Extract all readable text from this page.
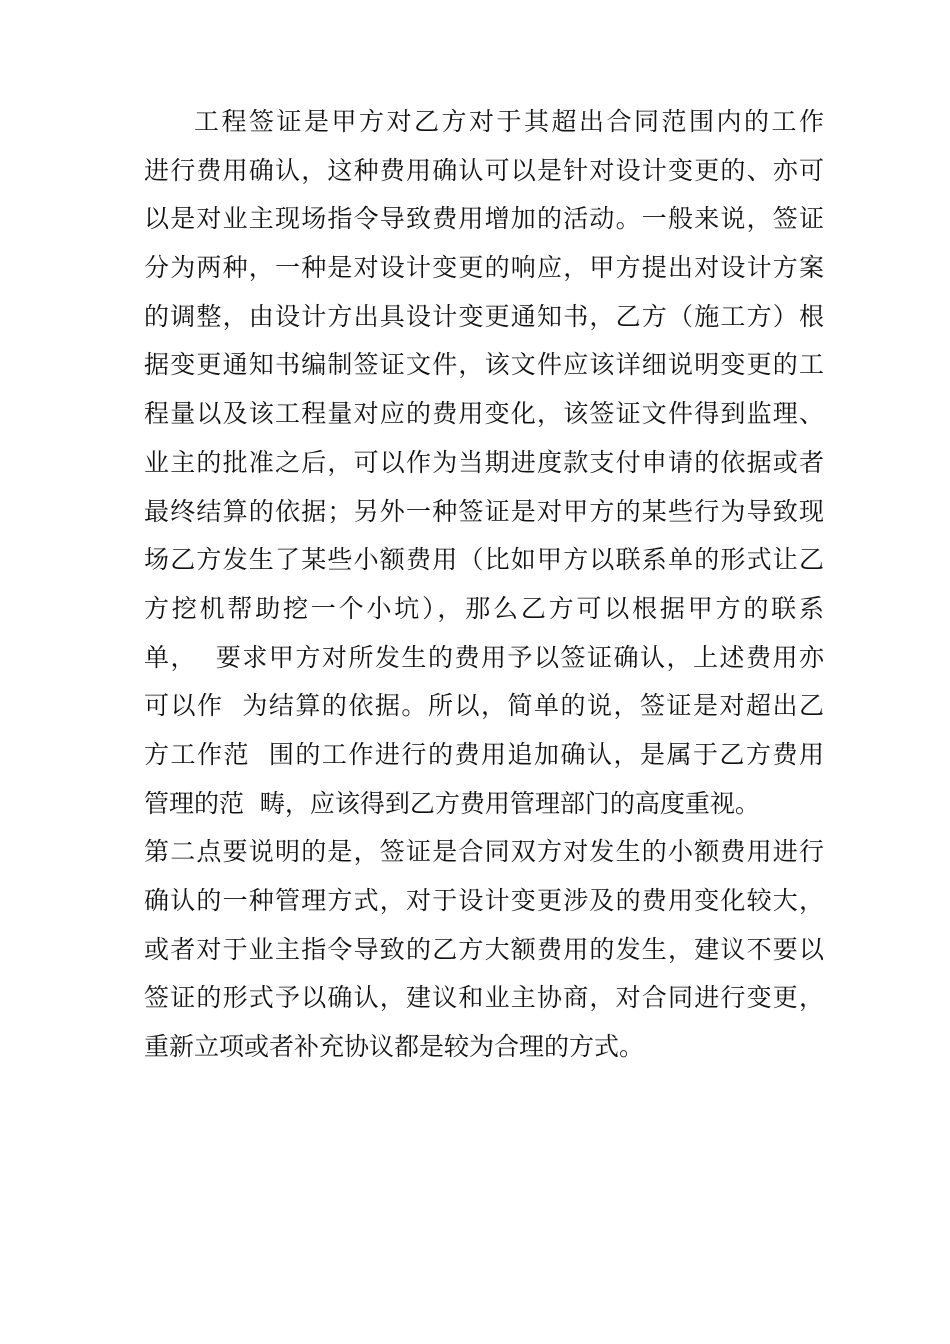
工程签证是甲方对乙方对于其超出合同范围内的工作
进行费用确认，这种费用确认可以是针对设计变更的、亦可
以是对业主现场指令导致费用增加的活动。一般来说，签证
分为两种，一种是对设计变更的响应，甲方提出对设计方案
的调整，由设计方出具设计变更通知书，乙方（施工方）根
据变更通知书编制签证文件，该文件应该详细说明变更的工
程量以及该工程量对应的费用变化，该签证文件得到监理、
业主的批准之后，可以作为当期进度款支付申请的依据或者
最终结算的依据；另外一种签证是对甲方的某些行为导致现
场乙方发生了某些小额费用（比如甲方以联系单的形式让乙
方挖机帮助挖一个小坑），那么乙方可以根据甲方的联系
单，  要求甲方对所发生的费用予以签证确认，上述费用亦
可以作  为结算的依据。所以，简单的说，签证是对超出乙
方工作范  围的工作进行的费用追加确认，是属于乙方费用
管理的范  畴，应该得到乙方费用管理部门的高度重视。
第二点要说明的是，签证是合同双方对发生的小额费用进行
确认的一种管理方式，对于设计变更涉及的费用变化较大，
或者对于业主指令导致的乙方大额费用的发生，建议不要以
签证的形式予以确认，建议和业主协商，对合同进行变更，
重新立项或者补充协议都是较为合理的方式。
